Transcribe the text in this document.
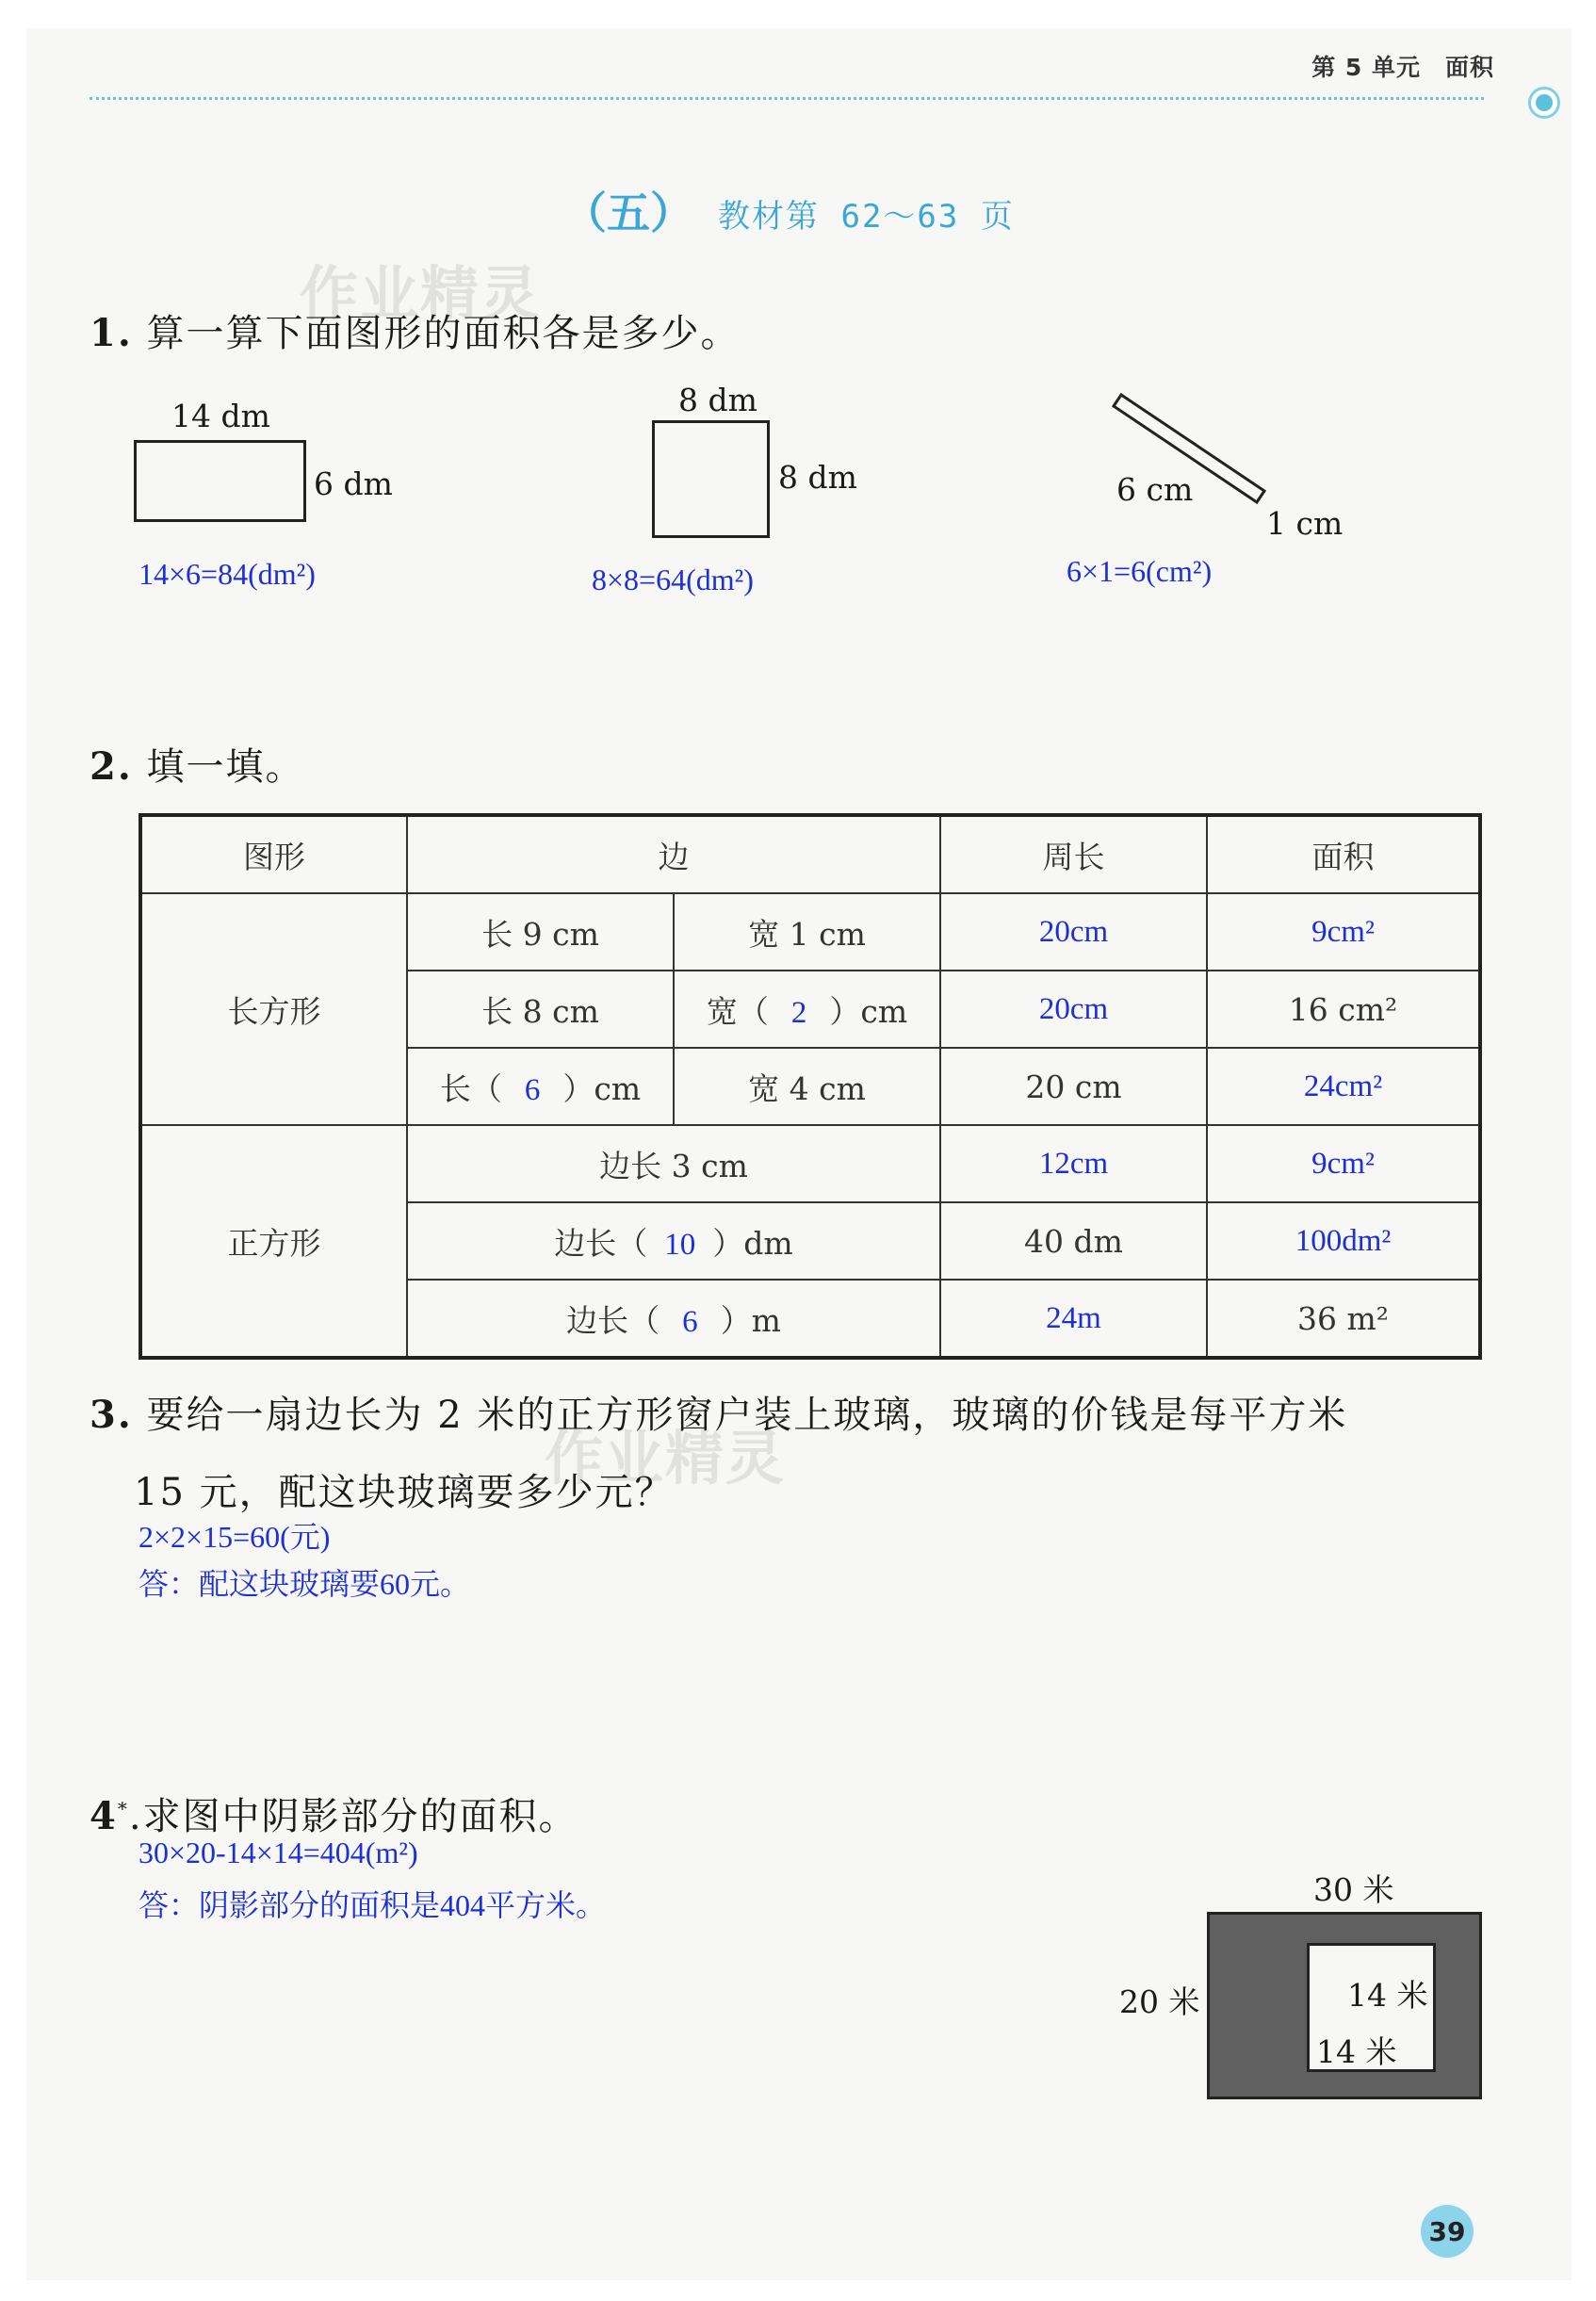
第 5 单元　面积
（五） 教材第 62～63 页
作业精灵
作业精灵
1. 算一算下面图形的面积各是多少。
14 dm
6 dm
14×6=84(dm²)
8 dm
8 dm
8×8=64(dm²)
6 cm
1 cm
6×1=6(cm²)
2. 填一填。
图形	边		周长	面积
长方形	长 9 cm	宽 1 cm	20cm	9cm²
	长 8 cm	宽（ 2 ）cm	20cm	16 cm²
	长（ 6 ）cm	宽 4 cm	20 cm	24cm²
正方形	边长 3 cm		12cm	9cm²
	边长（ 10 ）dm		40 dm	100dm²
	边长（ 6 ）m		24m	36 m²
3. 要给一扇边长为 2 米的正方形窗户装上玻璃，玻璃的价钱是每平方米
15 元，配这块玻璃要多少元？
2×2×15=60(元)
答：配这块玻璃要60元。
4*.求图中阴影部分的面积。
30×20-14×14=404(m²)
答：阴影部分的面积是404平方米。	30 米
20 米	14 米
14 米
39
